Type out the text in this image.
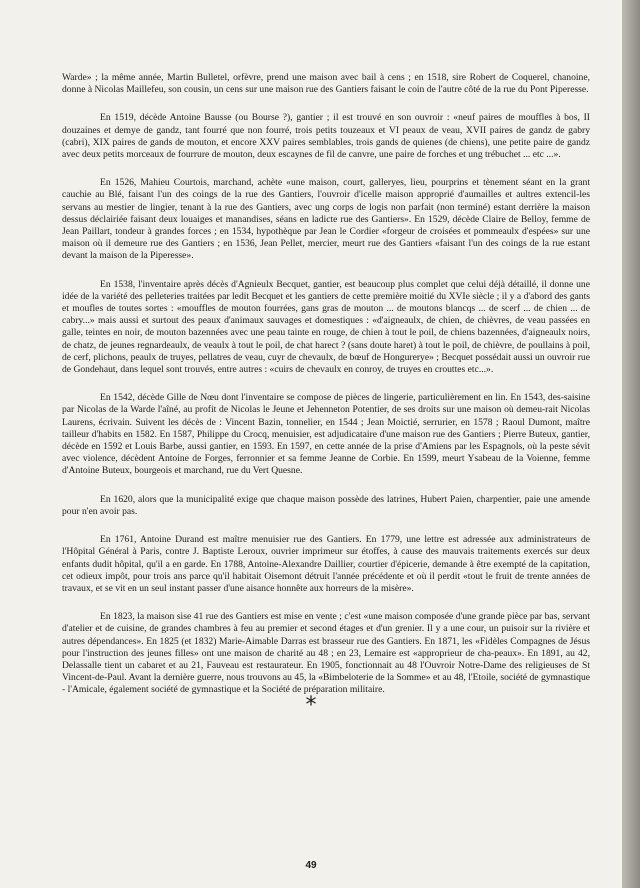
Warde» ; la même année, Martin Bulletel, orfèvre, prend une maison avec bail à cens ; en 1518, sire Robert de Coquerel, chanoine, donne à Nicolas Maillefeu, son cousin, un cens sur une maison rue des Gantiers faisant le coin de l'autre côté de la rue du Pont Piperesse.

En 1519, décède Antoine Bausse (ou Bourse ?), gantier ; il est trouvé en son ouvroir : «neuf paires de mouffles à bos, II douzaines et demye de gandz, tant fourré que non fourré, trois petits touzeaux et VI peaux de veau, XVII paires de gandz de gabry (cabri), XIX paires de gands de mouton, et encore XXV paires semblables, trois gands de quienes (de chiens), une petite paire de gandz avec deux petits morceaux de fourrure de mouton, deux escaynes de fil de canvre, une paire de forches et ung trébuchet ... etc ...».

En 1526, Mahieu Courtois, marchand, achète «une maison, court, galleryes, lieu, pourprins et tènement séant en la grant cauchie au Blé, faisant l'un des coings de la rue des Gantiers, l'ouvroir d'icelle maison approprié d'aumailles et aultres extencil-les servans au mestier de lingier, tenant à la rue des Gantiers, avec ung corps de logis non parfait (non terminé) estant derrière la maison dessus déclairiée faisant deux louaiges et manandises, séans en ladicte rue des Gantiers». En 1529, décède Claire de Belloy, femme de Jean Paillart, tondeur à grandes forces ; en 1534, hypothèque par Jean le Cordier «forgeur de croisées et pommeaulx d'espées» sur une maison où il demeure rue des Gantiers ; en 1536, Jean Pellet, mercier, meurt rue des Gantiers «faisant l'un des coings de la rue estant devant la maison de la Piperesse».

En 1538, l'inventaire après décès d'Agnieulx Becquet, gantier, est beaucoup plus complet que celui déjà détaillé, il donne une idée de la variété des pelleteries traitées par ledit Becquet et les gantiers de cette première moitié du XVIe siècle ; il y a d'abord des gants et moufles de toutes sortes : «mouffles de mouton fourrées, gans gras de mouton ... de moutons blancqs ... de scerf ... de chien ... de cabry...» mais aussi et surtout des peaux d'animaux sauvages et domestiques : «d'aigneaulx, de chien, de chièvres, de veau passées en galle, teintes en noir, de mouton bazennées avec une peau tainte en rouge, de chien à tout le poil, de chiens bazennées, d'aigneaulx noirs, de chatz, de jeunes regnardeaulx, de veaulx à tout le poil, de chat harect ? (sans doute haret) à tout le poil, de chièvre, de poullains à poil, de cerf, plichons, peaulx de truyes, pellatres de veau, cuyr de chevaulx, de bœuf de Hongurerye» ; Becquet possédait aussi un ouvroir rue de Gondehaut, dans lequel sont trouvés, entre autres : «cuirs de chevaulx en conroy, de truyes en crouttes etc...».

En 1542, décède Gille de Nœu dont l'inventaire se compose de pièces de lingerie, particulièrement en lin. En 1543, des-saisine par Nicolas de la Warde l'aîné, au profit de Nicolas le Jeune et Jehenneton Potentier, de ses droits sur une maison où demeu-rait Nicolas Laurens, écrivain. Suivent les décès de : Vincent Bazin, tonnelier, en 1544 ; Jean Moictié, serrurier, en 1578 ; Raoul Dumont, maître tailleur d'habits en 1582. En 1587, Philippe du Crocq, menuisier, est adjudicataire d'une maison rue des Gantiers ; Pierre Buteux, gantier, décède en 1592 et Louis Barbe, aussi gantier, en 1593. En 1597, en cette année de la prise d'Amiens par les Espagnols, où la peste sévit avec violence, décèdent Antoine de Forges, ferronnier et sa femme Jeanne de Corbie. En 1599, meurt Ysabeau de la Voienne, femme d'Antoine Buteux, bourgeois et marchand, rue du Vert Quesne.

En 1620, alors que la municipalité exige que chaque maison possède des latrines, Hubert Paien, charpentier, paie une amende pour n'en avoir pas.

En 1761, Antoine Durand est maître menuisier rue des Gantiers. En 1779, une lettre est adressée aux administrateurs de l'Hôpital Général à Paris, contre J. Baptiste Leroux, ouvrier imprimeur sur étoffes, à cause des mauvais traitements exercés sur deux enfants dudit hôpital, qu'il a en garde. En 1788, Antoine-Alexandre Daillier, courtier d'épicerie, demande à être exempté de la capitation, cet odieux impôt, pour trois ans parce qu'il habitait Oisemont détruit l'année précédente et où il perdit «tout le fruit de trente années de travaux, et se vit en un seul instant passer d'une aisance honnête aux horreurs de la misère».

En 1823, la maison sise 41 rue des Gantiers est mise en vente ; c'est «une maison composée d'une grande pièce par bas, servant d'atelier et de cuisine, de grandes chambres à feu au premier et second étages et d'un grenier. Il y a une cour, un puisoir sur la rivière et autres dépendances». En 1825 (et 1832) Marie-Aimable Darras est brasseur rue des Gantiers. En 1871, les «Fidèles Compagnes de Jésus pour l'instruction des jeunes filles» ont une maison de charité au 48 ; en 23, Lemaire est «approprieur de cha-peaux». En 1891, au 42, Delassalle tient un cabaret et au 21, Fauveau est restaurateur. En 1905, fonctionnait au 48 l'Ouvroir Notre-Dame des religieuses de St Vincent-de-Paul. Avant la dernière guerre, nous trouvons au 45, la «Bimbeloterie de la Somme» et au 48, l'Etoile, société de gymnastique - l'Amicale, également société de gymnastique et la Société de préparation militaire.

*
49
